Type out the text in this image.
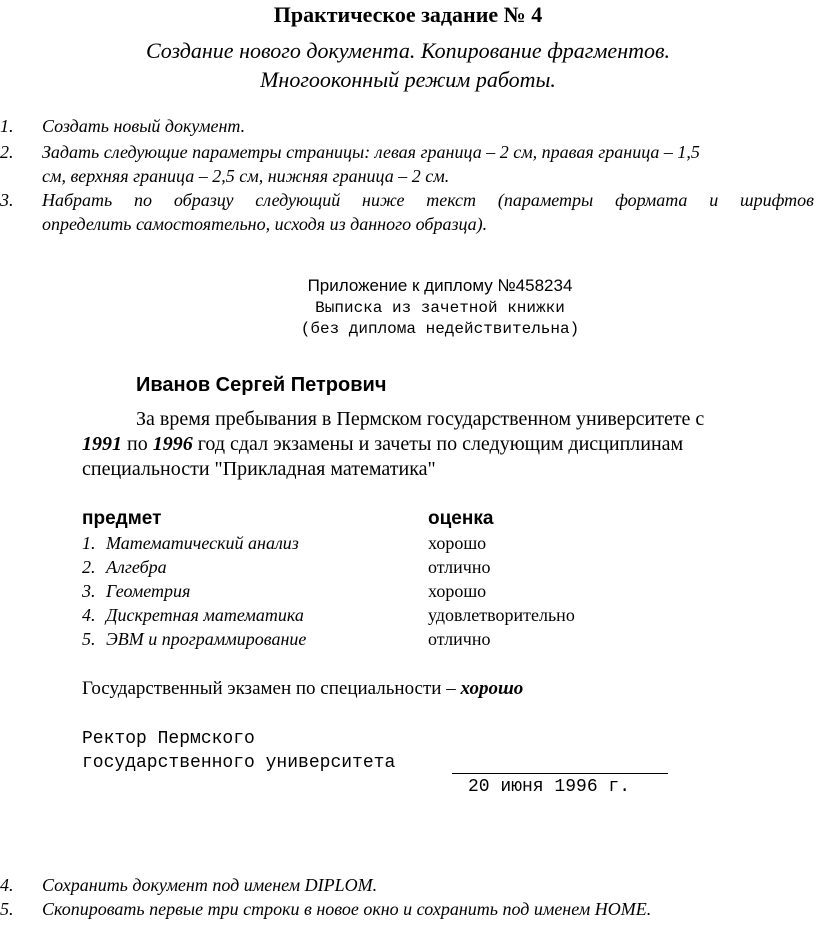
Практическое задание № 4
Создание нового документа. Копирование фрагментов.
Многооконный режим работы.
1. Создать новый документ.
2. Задать следующие параметры страницы: левая граница – 2 см, правая граница – 1,5
см, верхняя граница – 2,5 см, нижняя граница – 2 см.
3. Набрать по образцу следующий ниже текст (параметры формата и шрифтов
определить самостоятельно, исходя из данного образца).
Приложение к диплому №458234
Выписка из зачетной книжки
(без диплома недействительна)
Иванов Сергей Петрович
За время пребывания в Пермском государственном университете с
1991 по 1996 год сдал экзамены и зачеты по следующим дисциплинам
специальности "Прикладная математика"
предмет	оценка
1. Математический анализ	хорошо
2. Алгебра	отлично
3. Геометрия	хорошо
4. Дискретная математика	удовлетворительно
5. ЭВМ и программирование	отлично
Государственный экзамен по специальности – хорошо
Ректор Пермского
государственного университета
20 июня 1996 г.
4. Сохранить документ под именем DIPLOM.
5. Скопировать первые три строки в новое окно и сохранить под именем HOME.
